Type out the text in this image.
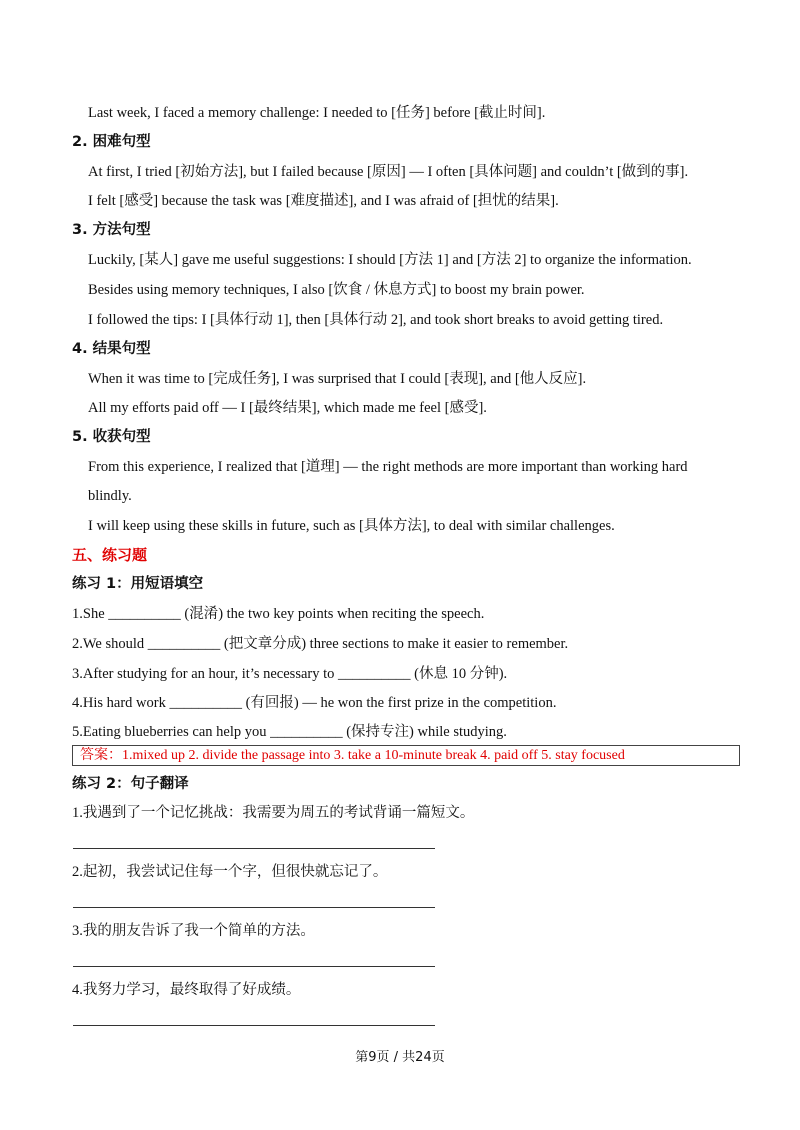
Last week, I faced a memory challenge: I needed to [任务] before [截止时间].
2. 困难句型
At first, I tried [初始方法], but I failed because [原因] — I often [具体问题] and couldn’t [做到的事].
I felt [感受] because the task was [难度描述], and I was afraid of [担忧的结果].
3. 方法句型
Luckily, [某人] gave me useful suggestions: I should [方法 1] and [方法 2] to organize the information.
Besides using memory techniques, I also [饮食 / 休息方式] to boost my brain power.
I followed the tips: I [具体行动 1], then [具体行动 2], and took short breaks to avoid getting tired.
4. 结果句型
When it was time to [完成任务], I was surprised that I could [表现], and [他人反应].
All my efforts paid off — I [最终结果], which made me feel [感受].
5. 收获句型
From this experience, I realized that [道理] — the right methods are more important than working hard
blindly.
I will keep using these skills in future, such as [具体方法], to deal with similar challenges.
五、练习题
练习 1：用短语填空
1.She __________ (混淆) the two key points when reciting the speech.
2.We should __________ (把文章分成) three sections to make it easier to remember.
3.After studying for an hour, it’s necessary to __________ (休息 10 分钟).
4.His hard work __________ (有回报) — he won the first prize in the competition.
5.Eating blueberries can help you __________ (保持专注) while studying.
答案：1.mixed up 2. divide the passage into 3. take a 10-minute break 4. paid off 5. stay focused
练习 2：句子翻译
1.我遇到了一个记忆挑战：我需要为周五的考试背诵一篇短文。
2.起初，我尝试记住每一个字，但很快就忘记了。
3.我的朋友告诉了我一个简单的方法。
4.我努力学习，最终取得了好成绩。
第9页 / 共24页
